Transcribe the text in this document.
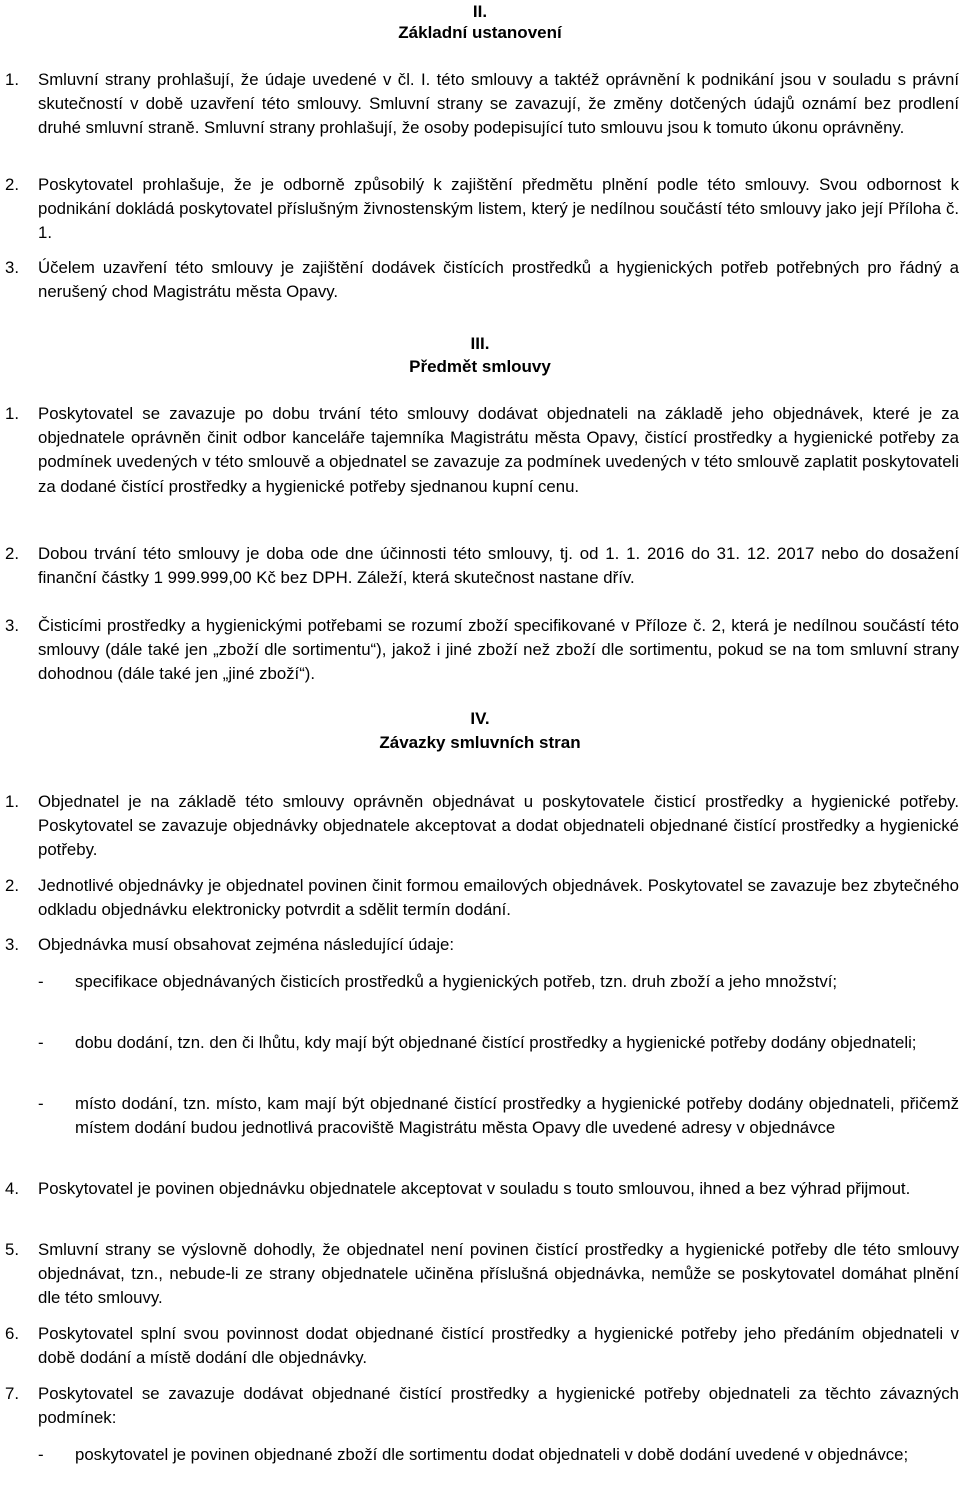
II.

Základní ustanovení

1. Smluvní strany prohlašují, že údaje uvedené v čl. I. této smlouvy a taktéž oprávnění k podnikání jsou v souladu s právní skutečností v době uzavření této smlouvy. Smluvní strany se zavazují, že změny dotčených údajů oznámí bez prodlení druhé smluvní straně. Smluvní strany prohlašují, že osoby podepisující tuto smlouvu jsou k tomuto úkonu oprávněny.

2. Poskytovatel prohlašuje, že je odborně způsobilý k zajištění předmětu plnění podle této smlouvy. Svou odbornost k podnikání dokládá poskytovatel příslušným živnostenským listem, který je nedílnou součástí této smlouvy jako její Příloha č. 1.

3. Účelem uzavření této smlouvy je zajištění dodávek čistících prostředků a hygienických potřeb potřebných pro řádný a nerušený chod Magistrátu města Opavy.

III.

Předmět smlouvy

1. Poskytovatel se zavazuje po dobu trvání této smlouvy dodávat objednateli na základě jeho objednávek, které je za objednatele oprávněn činit odbor kanceláře tajemníka Magistrátu města Opavy, čistící prostředky a hygienické potřeby za podmínek uvedených v této smlouvě a objednatel se zavazuje za podmínek uvedených v této smlouvě zaplatit poskytovateli za dodané čistící prostředky a hygienické potřeby sjednanou kupní cenu.

2. Dobou trvání této smlouvy je doba ode dne účinnosti této smlouvy, tj. od 1. 1. 2016 do 31. 12. 2017 nebo do dosažení finanční částky 1 999.999,00 Kč bez DPH. Záleží, která skutečnost nastane dřív.

3. Čisticími prostředky a hygienickými potřebami se rozumí zboží specifikované v Příloze č. 2, která je nedílnou součástí této smlouvy (dále také jen „zboží dle sortimentu“), jakož i jiné zboží než zboží dle sortimentu, pokud se na tom smluvní strany dohodnou (dále také jen „jiné zboží“).

IV.

Závazky smluvních stran

1. Objednatel je na základě této smlouvy oprávněn objednávat u poskytovatele čisticí prostředky a hygienické potřeby. Poskytovatel se zavazuje objednávky objednatele akceptovat a dodat objednateli objednané čistící prostředky a hygienické potřeby.

2. Jednotlivé objednávky je objednatel povinen činit formou emailových objednávek. Poskytovatel se zavazuje bez zbytečného odkladu objednávku elektronicky potvrdit a sdělit termín dodání.

3. Objednávka musí obsahovat zejména následující údaje:

- specifikace objednávaných čisticích prostředků a hygienických potřeb, tzn. druh zboží a jeho množství;

- dobu dodání, tzn. den či lhůtu, kdy mají být objednané čistící prostředky a hygienické potřeby dodány objednateli;

- místo dodání, tzn. místo, kam mají být objednané čistící prostředky a hygienické potřeby dodány objednateli, přičemž místem dodání budou jednotlivá pracoviště Magistrátu města Opavy dle uvedené adresy v objednávce

4. Poskytovatel je povinen objednávku objednatele akceptovat v souladu s touto smlouvou, ihned a bez výhrad přijmout.

5. Smluvní strany se výslovně dohodly, že objednatel není povinen čistící prostředky a hygienické potřeby dle této smlouvy objednávat, tzn., nebude-li ze strany objednatele učiněna příslušná objednávka, nemůže se poskytovatel domáhat plnění dle této smlouvy.

6. Poskytovatel splní svou povinnost dodat objednané čistící prostředky a hygienické potřeby jeho předáním objednateli v době dodání a místě dodání dle objednávky.

7. Poskytovatel se zavazuje dodávat objednané čistící prostředky a hygienické potřeby objednateli za těchto závazných podmínek:

- poskytovatel je povinen objednané zboží dle sortimentu dodat objednateli v době dodání uvedené v objednávce;
